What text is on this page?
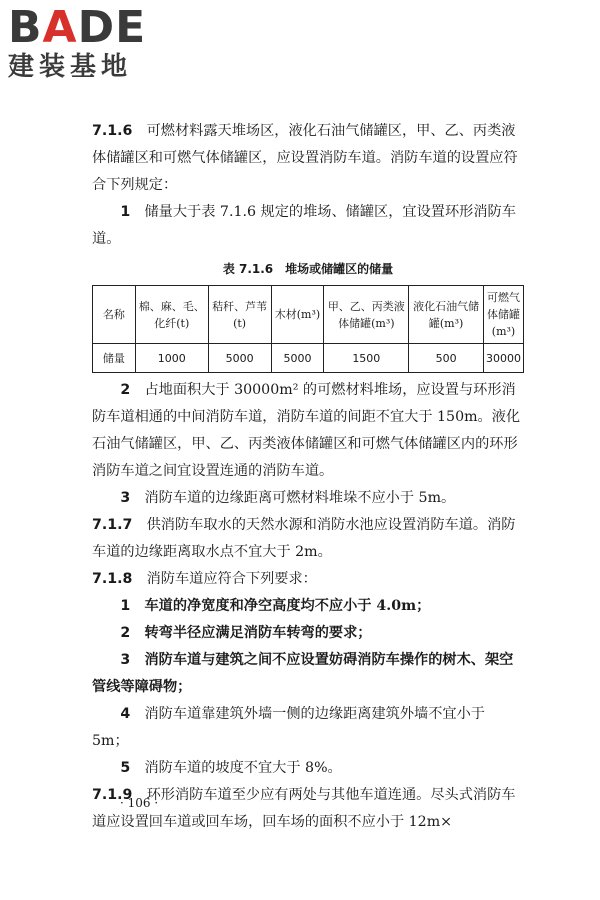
BADE
建装基地

7.1.6　 可燃材料露天堆场区，液化石油气储罐区，甲、乙、丙类液体储罐区和可燃气体储罐区，应设置消防车道。消防车道的设置应符合下列规定：

1　 储量大于表 7.1.6 规定的堆场、储罐区，宜设置环形消防车道。

表 7.1.6　堆场或储罐区的储量
名称	棉、麻、毛、化纤(t)	秸秆、芦苇(t)	木材(m³)	甲、乙、丙类液体储罐(m³)	液化石油气储罐(m³)	可燃气体储罐(m³)
储量	1000	5000	5000	1500	500	30000

2　 占地面积大于 30000m² 的可燃材料堆场，应设置与环形消防车道相通的中间消防车道，消防车道的间距不宜大于 150m。液化石油气储罐区，甲、乙、丙类液体储罐区和可燃气体储罐区内的环形消防车道之间宜设置连通的消防车道。

3　 消防车道的边缘距离可燃材料堆垛不应小于 5m。

7.1.7　 供消防车取水的天然水源和消防水池应设置消防车道。消防车道的边缘距离取水点不宜大于 2m。

7.1.8　 消防车道应符合下列要求：

1　 车道的净宽度和净空高度均不应小于 4.0m；

2　 转弯半径应满足消防车转弯的要求；

3　 消防车道与建筑之间不应设置妨碍消防车操作的树木、架空管线等障碍物；

4　 消防车道靠建筑外墙一侧的边缘距离建筑外墙不宜小于 5m；

5　 消防车道的坡度不宜大于 8%。

7.1.9　 环形消防车道至少应有两处与其他车道连通。尽头式消防车道应设置回车道或回车场，回车场的面积不应小于 12m×

· 106 ·
